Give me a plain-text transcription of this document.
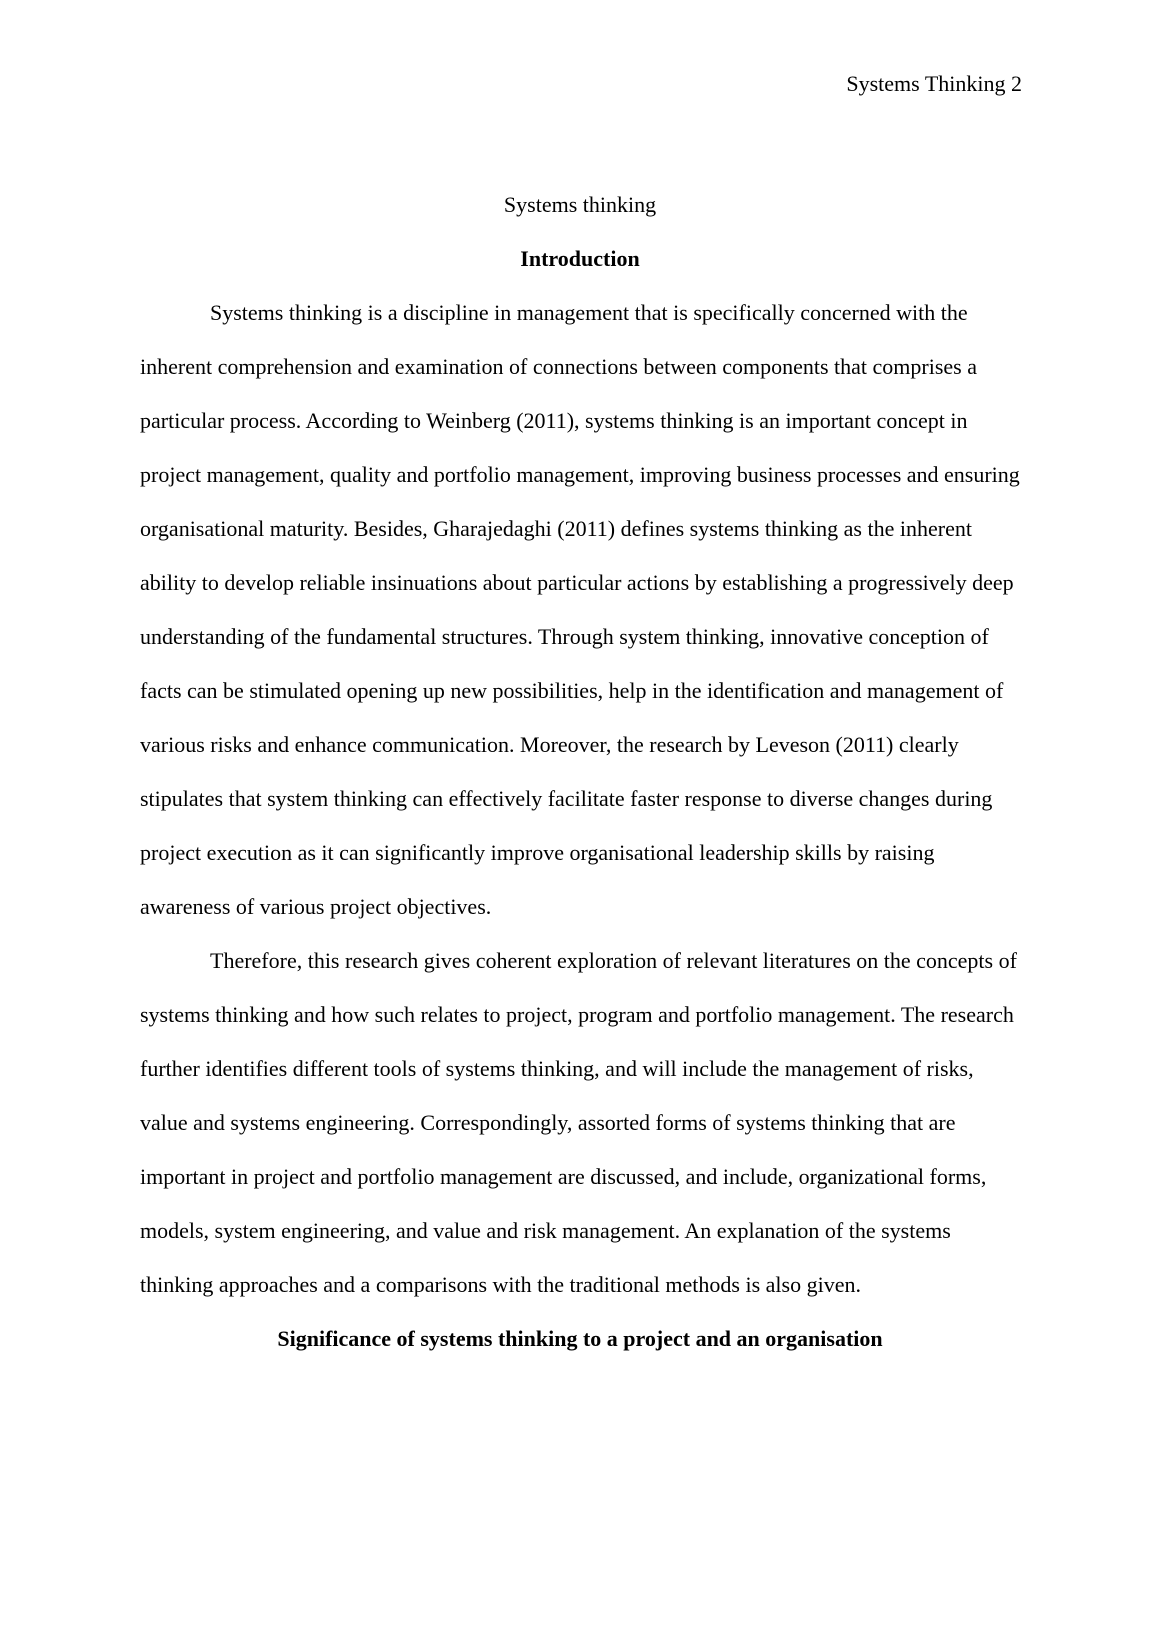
Systems Thinking 2
Systems thinking
Introduction

Systems thinking is a discipline in management that is specifically concerned with the inherent comprehension and examination of connections between components that comprises a particular process. According to Weinberg (2011), systems thinking is an important concept in project management, quality and portfolio management, improving business processes and ensuring organisational maturity. Besides, Gharajedaghi (2011) defines systems thinking as the inherent ability to develop reliable insinuations about particular actions by establishing a progressively deep understanding of the fundamental structures. Through system thinking, innovative conception of facts can be stimulated opening up new possibilities, help in the identification and management of various risks and enhance communication. Moreover, the research by Leveson (2011) clearly stipulates that system thinking can effectively facilitate faster response to diverse changes during project execution as it can significantly improve organisational leadership skills by raising awareness of various project objectives.

Therefore, this research gives coherent exploration of relevant literatures on the concepts of systems thinking and how such relates to project, program and portfolio management. The research further identifies different tools of systems thinking, and will include the management of risks, value and systems engineering. Correspondingly, assorted forms of systems thinking that are important in project and portfolio management are discussed, and include, organizational forms, models, system engineering, and value and risk management. An explanation of the systems thinking approaches and a comparisons with the traditional methods is also given.

Significance of systems thinking to a project and an organisation
